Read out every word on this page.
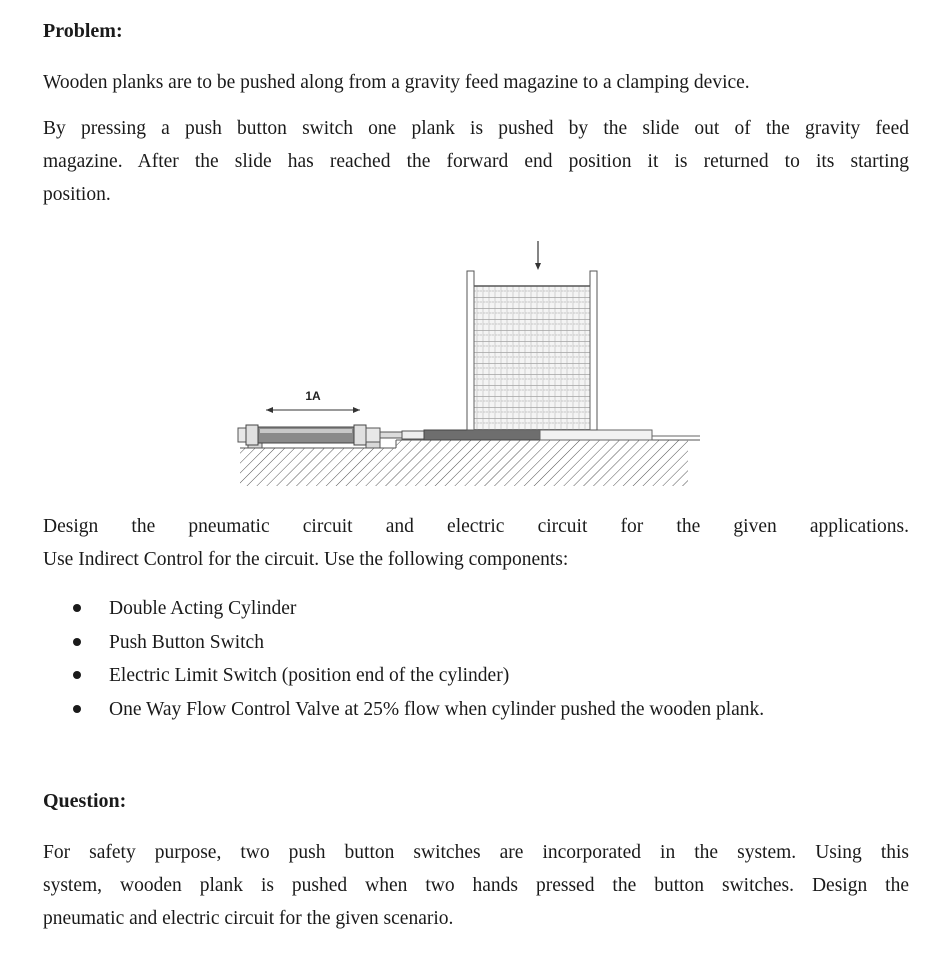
Problem:

Wooden planks are to be pushed along from a gravity feed magazine to a clamping device.

By pressing a push button switch one plank is pushed by the slide out of the gravity feed
magazine. After the slide has reached the forward end position it is returned to its starting
position.

1A

Design the pneumatic circuit and electric circuit for the given applications.
Use Indirect Control for the circuit. Use the following components:

Double Acting Cylinder
Push Button Switch
Electric Limit Switch (position end of the cylinder)
One Way Flow Control Valve at 25% flow when cylinder pushed the wooden plank.
Question:

For safety purpose, two push button switches are incorporated in the system. Using this
system, wooden plank is pushed when two hands pressed the button switches. Design the
pneumatic and electric circuit for the given scenario.
